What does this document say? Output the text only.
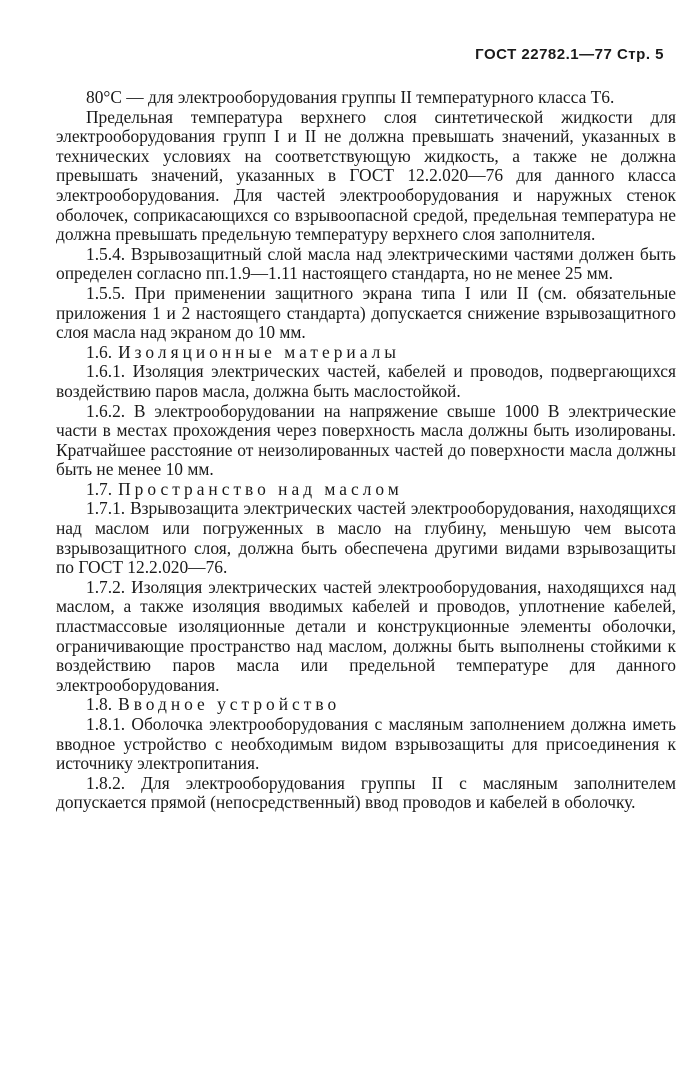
ГОСТ 22782.1—77 Стр. 5

80°С — для электрооборудования группы II температурного класса Т6.

Предельная температура верхнего слоя синтетической жидкости для электрооборудования групп I и II не должна превышать значений, указанных в технических условиях на соответствующую жидкость, а также не должна превышать значений, указанных в ГОСТ 12.2.020—76 для данного класса электрооборудования. Для частей электрооборудования и наружных стенок оболочек, соприкасающихся со взрывоопасной средой, предельная температура не должна превышать предельную температуру верхнего слоя заполнителя.

1.5.4. Взрывозащитный слой масла над электрическими частями должен быть определен согласно пп.1.9—1.11 настоящего стандарта, но не менее 25 мм.

1.5.5. При применении защитного экрана типа I или II (см. обязательные приложения 1 и 2 настоящего стандарта) допускается снижение взрывозащитного слоя масла над экраном до 10 мм.

1.6. Изоляционные материалы

1.6.1. Изоляция электрических частей, кабелей и проводов, подвергающихся воздействию паров масла, должна быть маслостойкой.

1.6.2. В электрооборудовании на напряжение свыше 1000 В электрические части в местах прохождения через поверхность масла должны быть изолированы. Кратчайшее расстояние от неизолированных частей до поверхности масла должны быть не менее 10 мм.

1.7. Пространство над маслом

1.7.1. Взрывозащита электрических частей электрооборудования, находящихся над маслом или погруженных в масло на глубину, меньшую чем высота взрывозащитного слоя, должна быть обеспечена другими видами взрывозащиты по ГОСТ 12.2.020—76.

1.7.2. Изоляция электрических частей электрооборудования, находящихся над маслом, а также изоляция вводимых кабелей и проводов, уплотнение кабелей, пластмассовые изоляционные детали и конструкционные элементы оболочки, ограничивающие пространство над маслом, должны быть выполнены стойкими к воздействию паров масла или предельной температуре для данного электрооборудования.

1.8. Вводное устройство

1.8.1. Оболочка электрооборудования с масляным заполнением должна иметь вводное устройство с необходимым видом взрывозащиты для присоединения к источнику электропитания.

1.8.2. Для электрооборудования группы II с масляным заполнителем допускается прямой (непосредственный) ввод проводов и кабелей в оболочку.
